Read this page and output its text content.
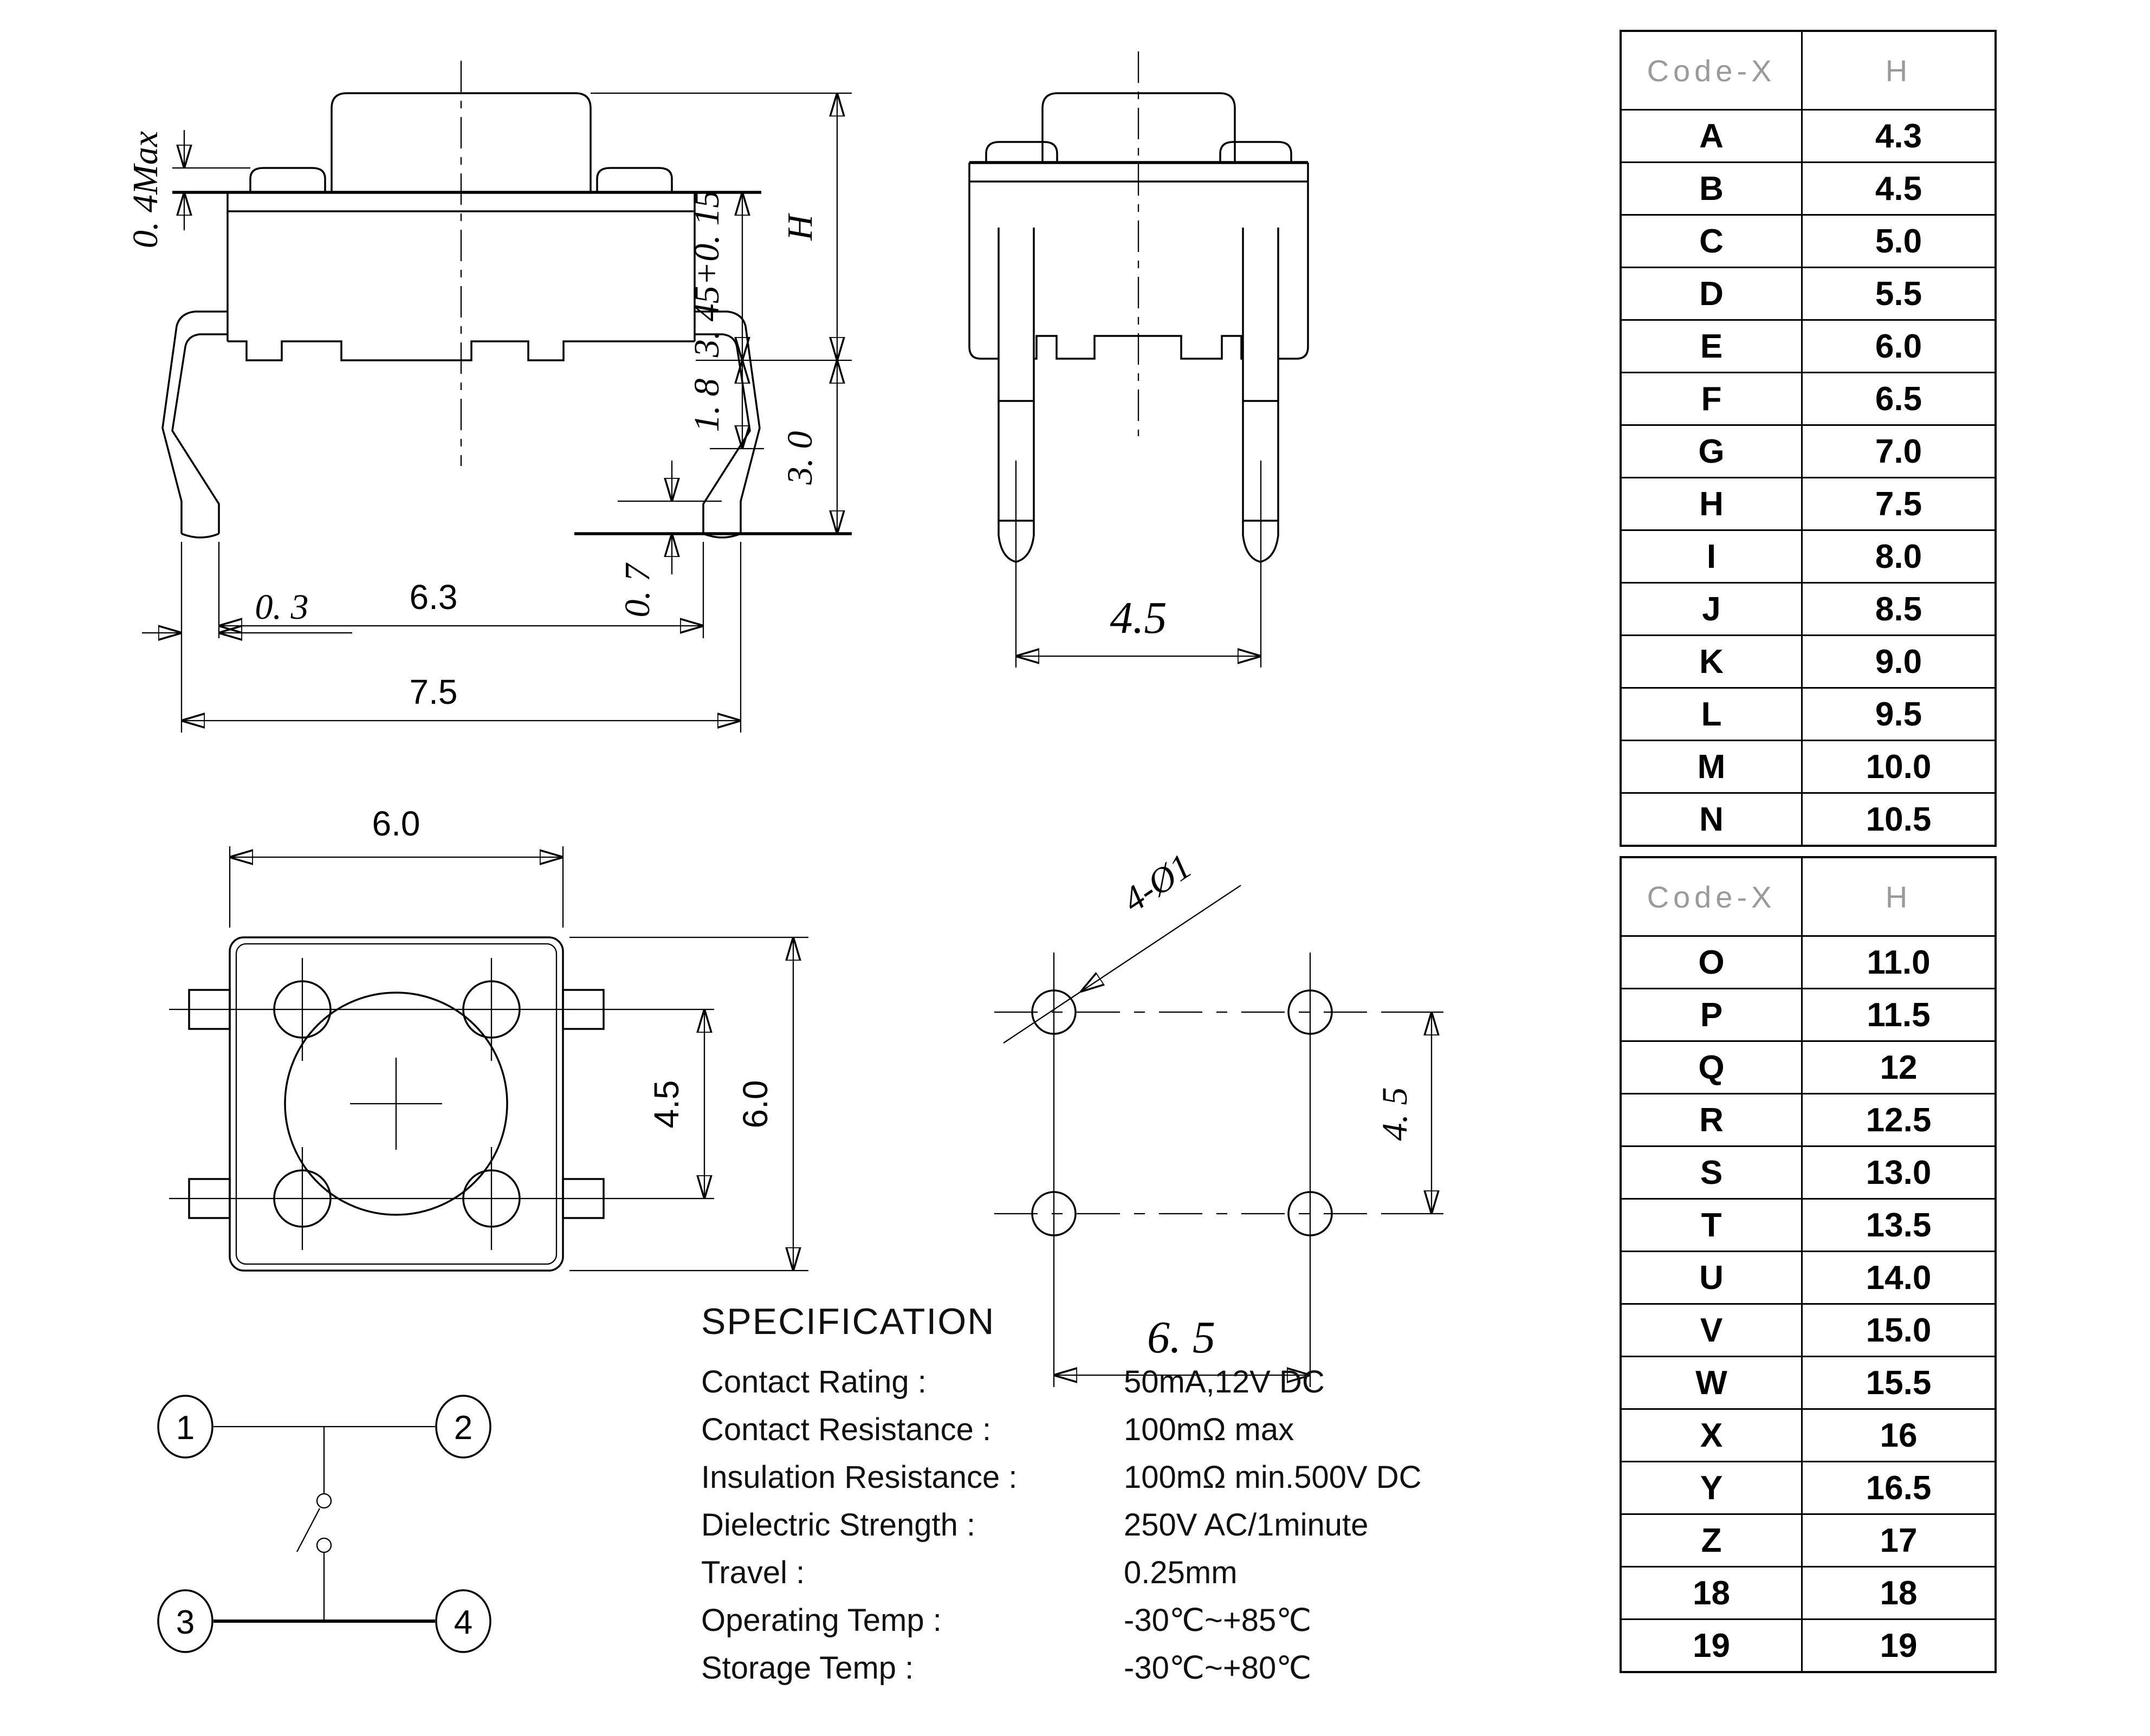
0. 4Max
3. 45+0. 15
1. 8
H
3. 0
0. 7
0. 3	6.3
7.5
4.5
6.0
4.5 6.0
4-Ø1
4. 5
6. 5
1	2
3	4
SPECIFICATION
Contact Rating :	50mA,12V DC
Contact Resistance :	100mΩ max
Insulation Resistance :	100mΩ min.500V DC
Dielectric Strength :	250V AC/1minute
Travel :	0.25mm
Operating Temp :	-30℃~+85℃
Storage Temp :	-30℃~+80℃
Code-X	H
A	4.3
B	4.5
C	5.0
D	5.5
E	6.0
F	6.5
G	7.0
H	7.5
I	8.0
J	8.5
K	9.0
L	9.5
M	10.0
N	10.5
Code-X	H
O	11.0
P	11.5
Q	12
R	12.5
S	13.0
T	13.5
U	14.0
V	15.0
W	15.5
X	16
Y	16.5
Z	17
18	18
19	19
